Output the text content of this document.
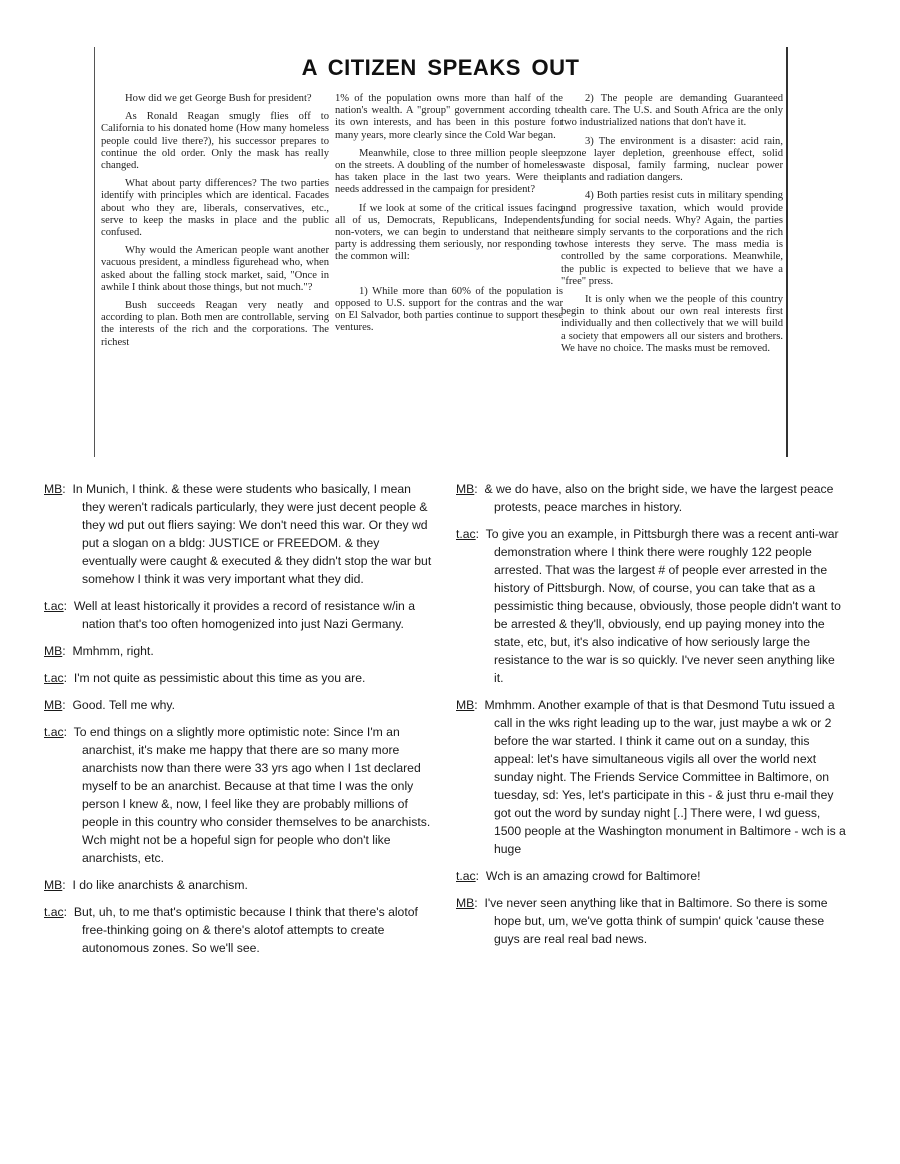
A CITIZEN SPEAKS OUT

How did we get George Bush for president?

As Ronald Reagan smugly flies off to California to his donated home (How many homeless people could live there?), his successor prepares to continue the old order. Only the mask has really changed.

What about party differences? The two parties identify with principles which are identical. Facades about who they are, liberals, conservatives, etc., serve to keep the masks in place and the public confused.

Why would the American people want another vacuous president, a mindless figurehead who, when asked about the falling stock market, said, "Once in awhile I think about those things, but not much."?

Bush succeeds Reagan very neatly and according to plan. Both men are controllable, serving the interests of the rich and the corporations. The richest

1% of the population owns more than half of the nation's wealth. A "group" government according to its own interests, and has been in this posture for many years, more clearly since the Cold War began.

Meanwhile, close to three million people sleep on the streets. A doubling of the number of homeless has taken place in the last two years. Were their needs addressed in the campaign for president?

If we look at some of the critical issues facing all of us, Democrats, Republicans, Independents, non-voters, we can begin to understand that neither party is addressing them seriously, nor responding to the common will:

1) While more than 60% of the population is opposed to U.S. support for the contras and the war on El Salvador, both parties continue to support these ventures.

2) The people are demanding Guaranteed health care. The U.S. and South Africa are the only two industrialized nations that don't have it.

3) The environment is a disaster: acid rain, ozone layer depletion, greenhouse effect, solid waste disposal, family farming, nuclear power plants and radiation dangers.

4) Both parties resist cuts in military spending and progressive taxation, which would provide funding for social needs. Why? Again, the parties are simply servants to the corporations and the rich whose interests they serve. The mass media is controlled by the same corporations. Meanwhile, the public is expected to believe that we have a "free" press.

It is only when we the people of this country begin to think about our own real interests first individually and then collectively that we will build a society that empowers all our sisters and brothers. We have no choice. The masks must be removed.

MB:  In Munich, I think. & these were students who basically, I mean they weren't radicals particularly, they were just decent people & they wd put out fliers saying: We don't need this war. Or they wd put a slogan on a bldg: JUSTICE or FREEDOM. & they eventually were caught & executed & they didn't stop the war but somehow I think it was very important what they did.
t.ac:  Well at least historically it provides a record of resistance w/in a nation that's too often homogenized into just Nazi Germany.
MB:  Mmhmm, right.
t.ac:  I'm not quite as pessimistic about this time as you are.
MB:  Good. Tell me why.
t.ac:  To end things on a slightly more optimistic note: Since I'm an anarchist, it's make me happy that there are so many more anarchists now than there were 33 yrs ago when I 1st declared myself to be an anarchist. Because at that time I was the only person I knew &, now, I feel like they are probably millions of people in this country who consider themselves to be anarchists. Wch might not be a hopeful sign for people who don't like anarchists, etc.
MB:  I do like anarchists & anarchism.
t.ac:  But, uh, to me that's optimistic because I think that there's alotof free-thinking going on & there's alotof attempts to create autonomous zones. So we'll see.
MB:  & we do have, also on the bright side, we have the largest peace protests, peace marches in history.
t.ac:  To give you an example, in Pittsburgh there was a recent anti-war demonstration where I think there were roughly 122 people arrested. That was the largest # of people ever arrested in the history of Pittsburgh. Now, of course, you can take that as a pessimistic thing because, obviously, those people didn't want to be arrested & they'll, obviously, end up paying money into the state, etc, but, it's also indicative of how seriously large the resistance to the war is so quickly. I've never seen anything like it.
MB:  Mmhmm. Another example of that is that Desmond Tutu issued a call in the wks right leading up to the war, just maybe a wk or 2 before the war started. I think it came out on a sunday, this appeal: let's have simultaneous vigils all over the world next sunday night. The Friends Service Committee in Baltimore, on tuesday, sd: Yes, let's participate in this - & just thru e-mail they got out the word by sunday night [..] There were, I wd guess, 1500 people at the Washington monument in Baltimore - wch is a huge
t.ac:  Wch is an amazing crowd for Baltimore!
MB:  I've never seen anything like that in Baltimore. So there is some hope but, um, we've gotta think of sumpin' quick 'cause these guys are real real bad news.
